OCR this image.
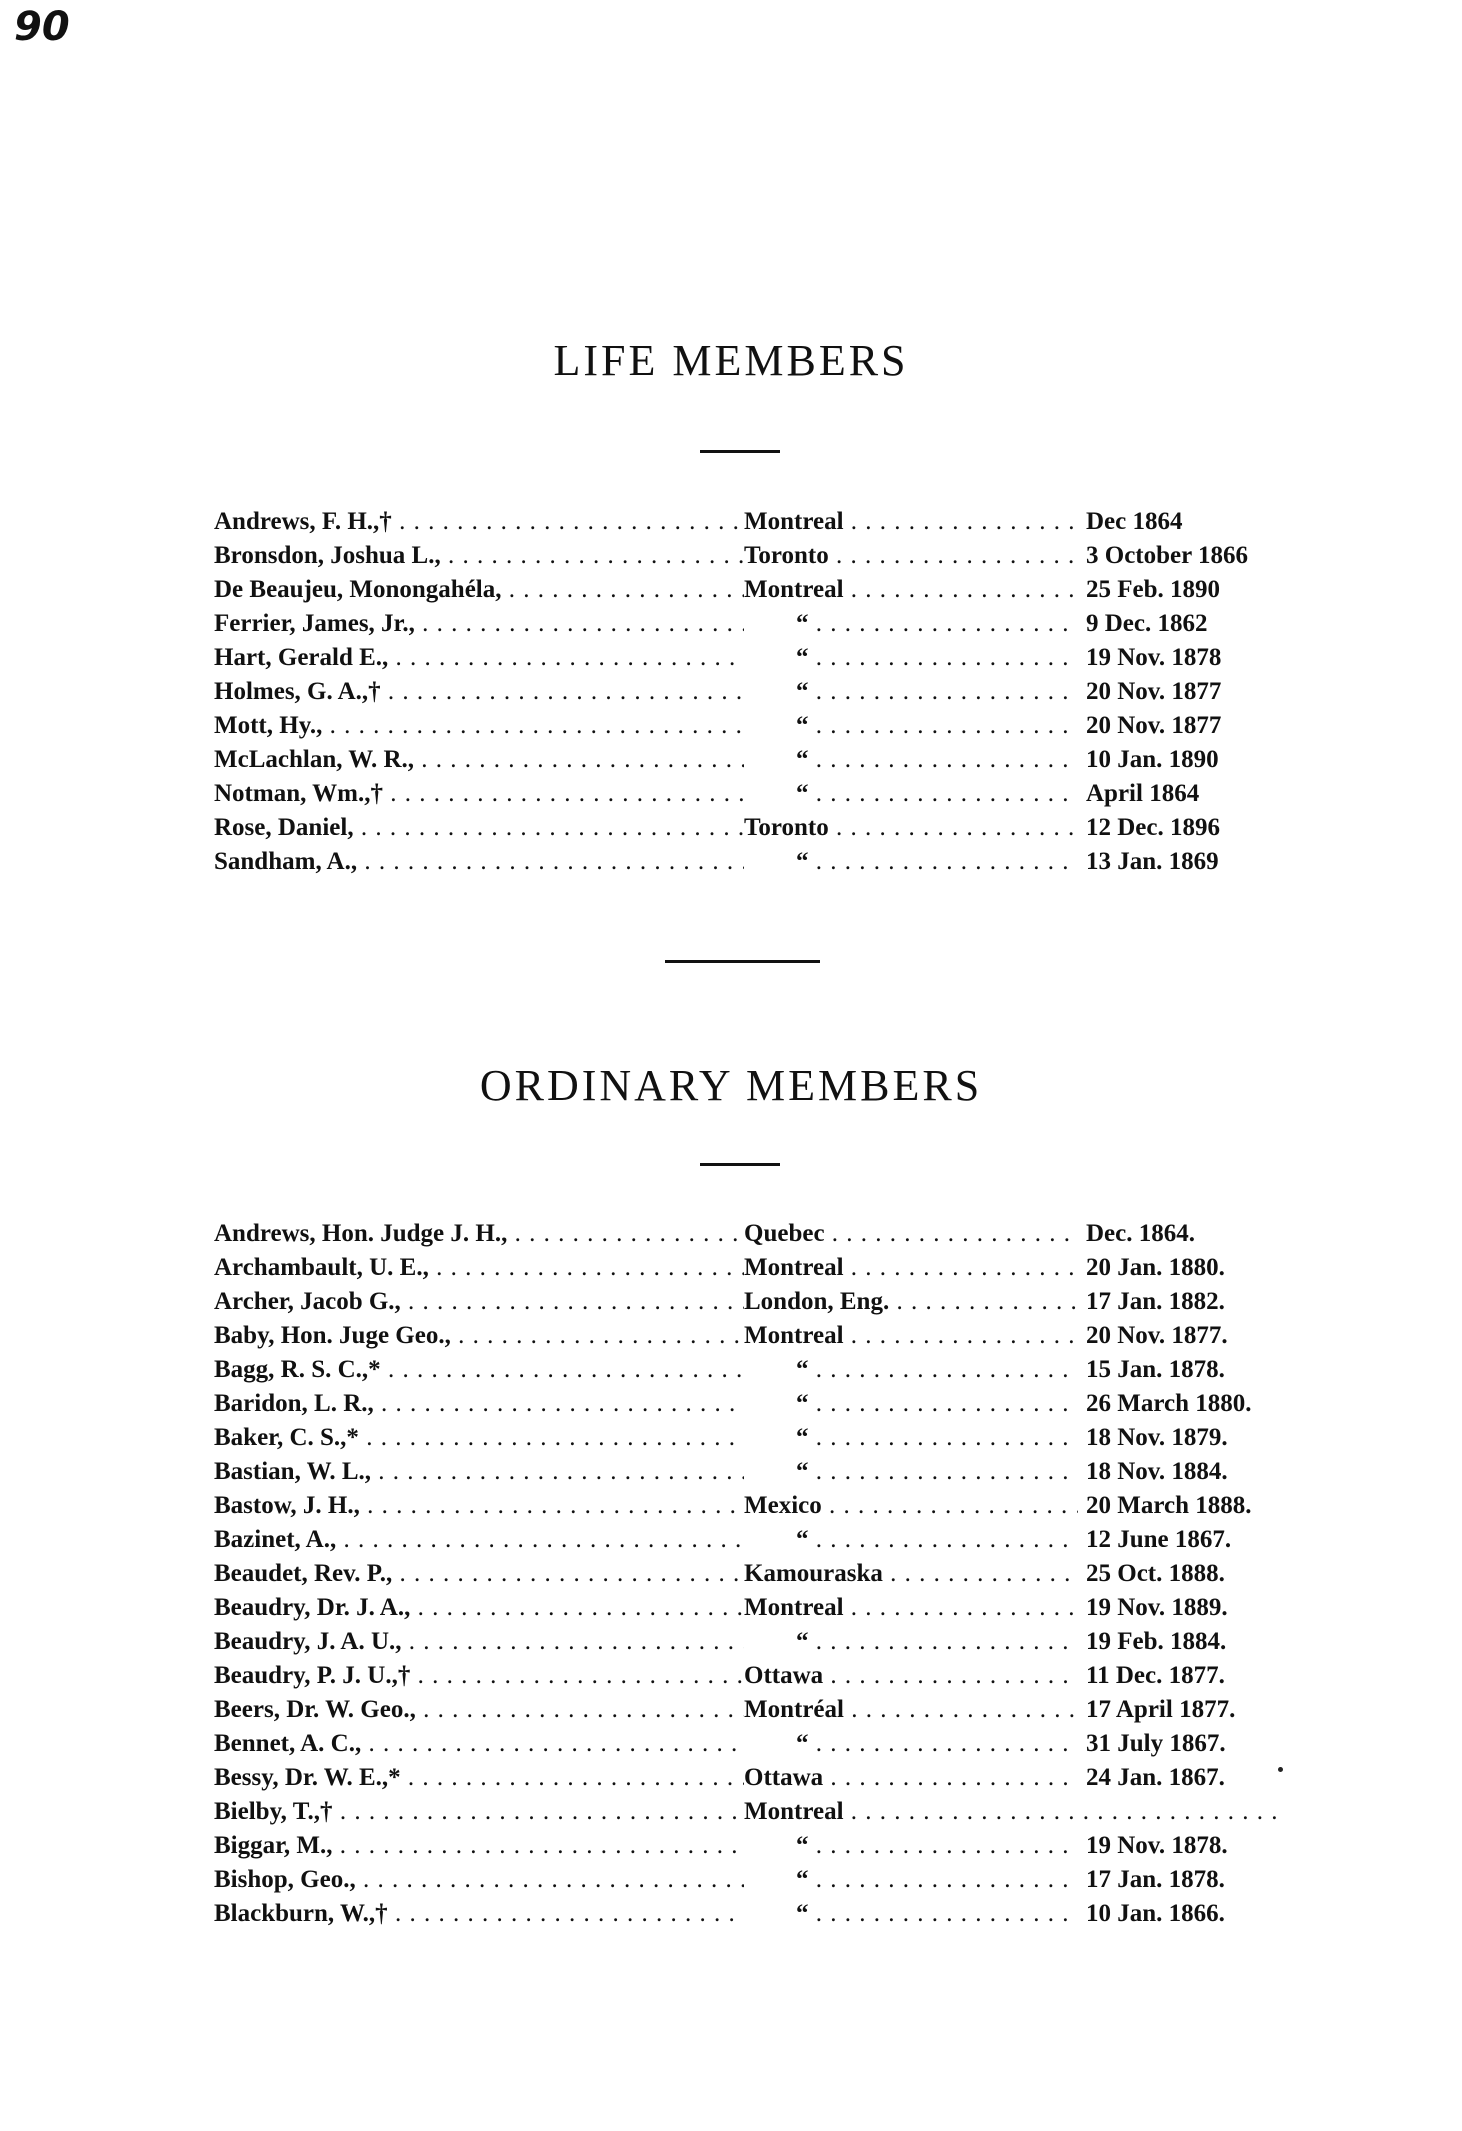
90
LIFE MEMBERS
Andrews, F. H.,† . . .	Montreal . . .	Dec 1864
Bronsdon, Joshua L., . . .	Toronto . . .	3 October 1866
De Beaujeu, Monongahéla, . . .	Montreal . . .	25 Feb. 1890
Ferrier, James, Jr., . . .	“ . . .	9 Dec. 1862
Hart, Gerald E., . . .	“ . . .	19 Nov. 1878
Holmes, G. A.,† . . .	“ . . .	20 Nov. 1877
Mott, Hy., . . .	“ . . .	20 Nov. 1877
McLachlan, W. R., . . .	“ . . .	10 Jan. 1890
Notman, Wm.,† . . .	“ . . .	April 1864
Rose, Daniel, . . .	Toronto . . .	12 Dec. 1896
Sandham, A., . . .	“ . . .	13 Jan. 1869
ORDINARY MEMBERS
Andrews, Hon. Judge J. H., . . .	Quebec . . .	Dec. 1864.
Archambault, U. E., . . .	Montreal . . .	20 Jan. 1880.
Archer, Jacob G., . . .	London, Eng. . . .	17 Jan. 1882.
Baby, Hon. Juge Geo., . . .	Montreal . . .	20 Nov. 1877.
Bagg, R. S. C.,* . . .	“ . . .	15 Jan. 1878.
Baridon, L. R., . . .	“ . . .	26 March 1880.
Baker, C. S.,* . . .	“ . . .	18 Nov. 1879.
Bastian, W. L., . . .	“ . . .	18 Nov. 1884.
Bastow, J. H., . . .	Mexico . . .	20 March 1888.
Bazinet, A., . . .	“ . . .	12 June 1867.
Beaudet, Rev. P., . . .	Kamouraska . . .	25 Oct. 1888.
Beaudry, Dr. J. A., . . .	Montreal . . .	19 Nov. 1889.
Beaudry, J. A. U., . . .	“ . . .	19 Feb. 1884.
Beaudry, P. J. U.,† . . .	Ottawa . . .	11 Dec. 1877.
Beers, Dr. W. Geo., . . .	Montréal . . .	17 April 1877.
Bennet, A. C., . . .	“ . . .	31 July 1867.
Bessy, Dr. W. E.,* . . .	Ottawa . . .	24 Jan. 1867.
Bielby, T.,† . . .	Montreal . . .
Biggar, M., . . .	“ . . .	19 Nov. 1878.
Bishop, Geo., . . .	“ . . .	17 Jan. 1878.
Blackburn, W.,† . . .	“ . . .	10 Jan. 1866.
